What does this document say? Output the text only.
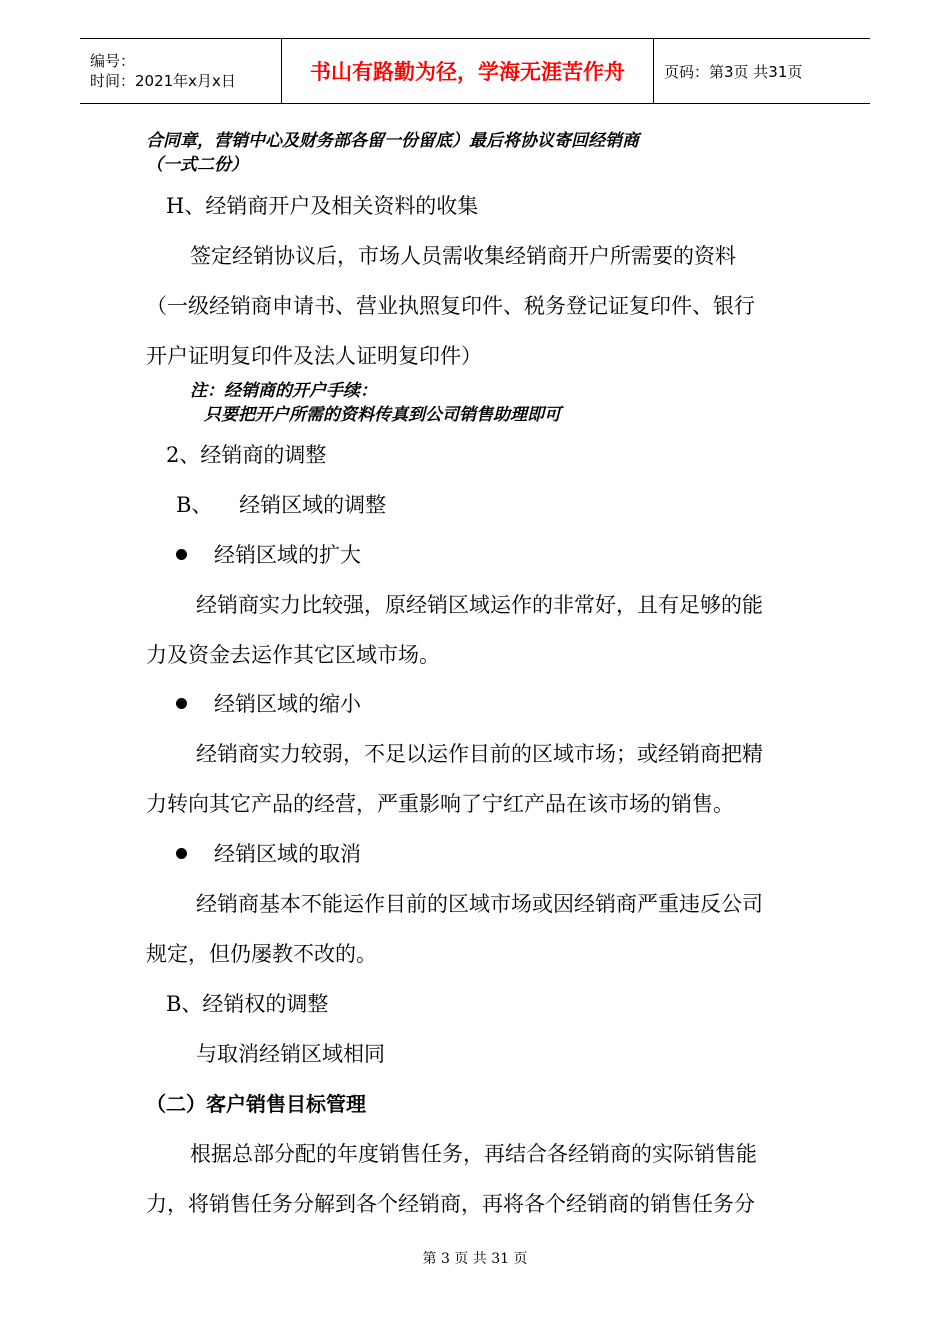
编号：
时间：2021年x月x日	书山有路勤为径，学海无涯苦作舟	页码：第3页 共31页
合同章，营销中心及财务部各留一份留底）最后将协议寄回经销商
（一式二份）
H、经销商开户及相关资料的收集
签定经销协议后，市场人员需收集经销商开户所需要的资料
（一级经销商申请书、营业执照复印件、税务登记证复印件、银行
开户证明复印件及法人证明复印件）
注：经销商的开户手续：
只要把开户所需的资料传真到公司销售助理即可
2、经销商的调整
B、    经销区域的调整
经销区域的扩大
经销商实力比较强，原经销区域运作的非常好，且有足够的能
力及资金去运作其它区域市场。
经销区域的缩小
经销商实力较弱，不足以运作目前的区域市场；或经销商把精
力转向其它产品的经营，严重影响了宁红产品在该市场的销售。
经销区域的取消
经销商基本不能运作目前的区域市场或因经销商严重违反公司
规定，但仍屡教不改的。
B、经销权的调整
与取消经销区域相同
（二）客户销售目标管理
根据总部分配的年度销售任务，再结合各经销商的实际销售能
力，将销售任务分解到各个经销商，再将各个经销商的销售任务分
第 3 页 共 31 页
